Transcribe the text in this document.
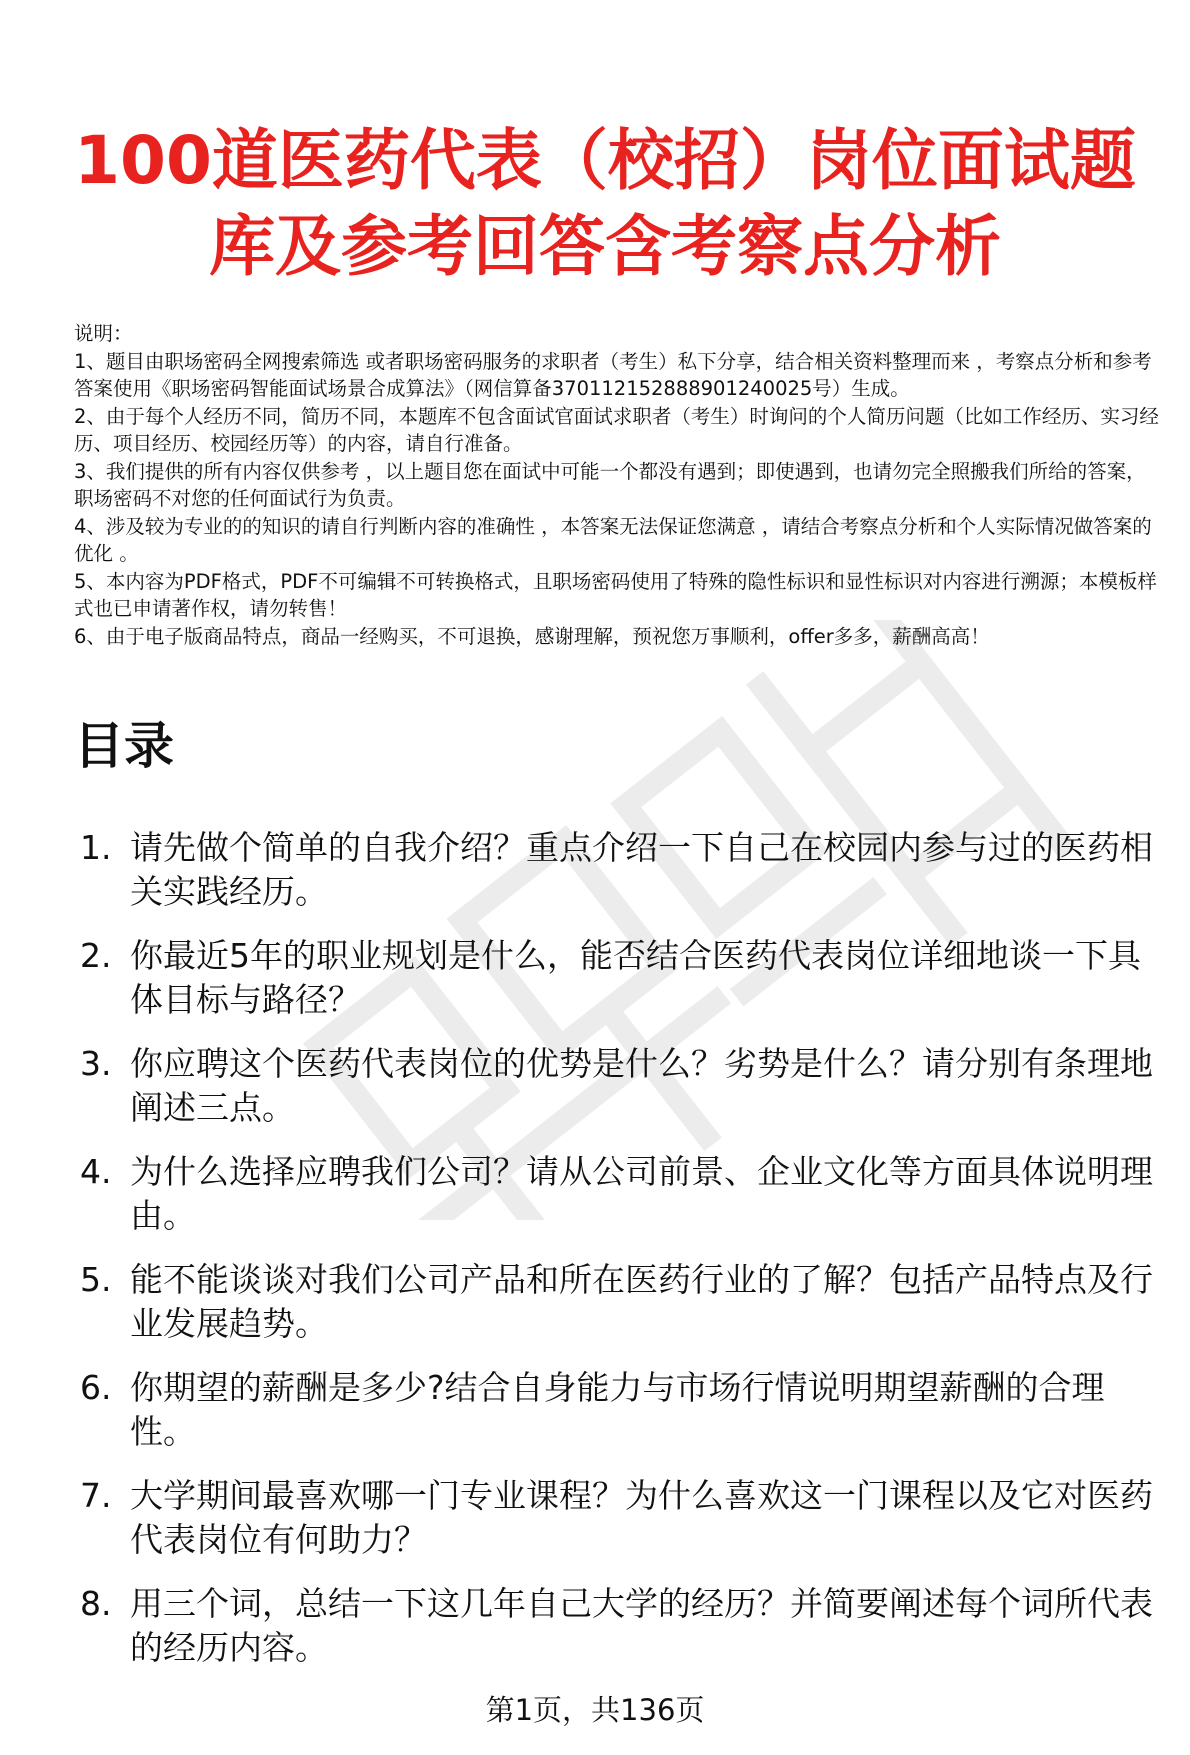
100道医药代表（校招）岗位面试题
库及参考回答含考察点分析

说明：

1、题目由职场密码全网搜索筛选 或者职场密码服务的求职者（考生）私下分享，结合相关资料整理而来 ，考察点分析和参考答案使用《职场密码智能面试场景合成算法》（网信算备370112152888901240025号）生成。

2、由于每个人经历不同，简历不同，本题库不包含面试官面试求职者（考生）时询问的个人简历问题（比如工作经历、实习经历、项目经历、校园经历等）的内容，请自行准备。

3、我们提供的所有内容仅供参考 ，以上题目您在面试中可能一个都没有遇到；即使遇到，也请勿完全照搬我们所给的答案，职场密码不对您的任何面试行为负责。

4、涉及较为专业的的知识的请自行判断内容的准确性 ，本答案无法保证您满意 ，请结合考察点分析和个人实际情况做答案的优化 。

5、本内容为PDF格式，PDF不可编辑不可转换格式，且职场密码使用了特殊的隐性标识和显性标识对内容进行溯源；本模板样式也已申请著作权，请勿转售！

6、由于电子版商品特点，商品一经购买，不可退换，感谢理解，预祝您万事顺利，offer多多，薪酬高高！

目录
1. 请先做个简单的自我介绍？重点介绍一下自己在校园内参与过的医药相关实践经历。
2. 你最近5年的职业规划是什么，能否结合医药代表岗位详细地谈一下具体目标与路径？
3. 你应聘这个医药代表岗位的优势是什么？劣势是什么？请分别有条理地阐述三点。
4. 为什么选择应聘我们公司？请从公司前景、企业文化等方面具体说明理由。
5. 能不能谈谈对我们公司产品和所在医药行业的了解？包括产品特点及行业发展趋势。
6. 你期望的薪酬是多少?结合自身能力与市场行情说明期望薪酬的合理性。
7. 大学期间最喜欢哪一门专业课程？为什么喜欢这一门课程以及它对医药代表岗位有何助力？
8. 用三个词，总结一下这几年自己大学的经历？并简要阐述每个词所代表的经历内容。
第1页，共136页
